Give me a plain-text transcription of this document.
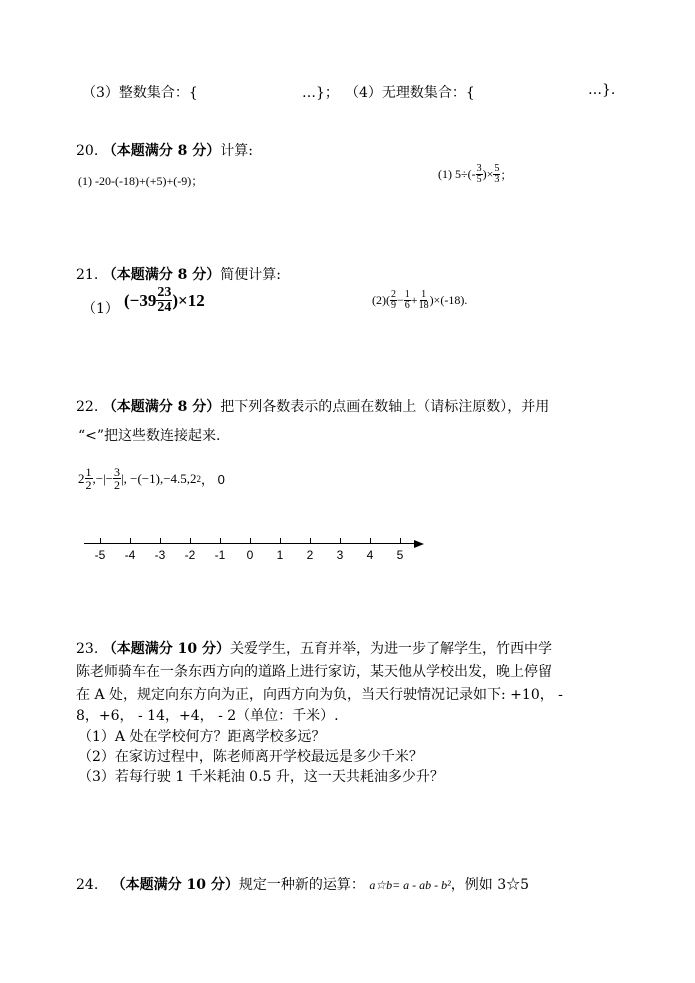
（3）整数集合：{	…}； （4）无理数集合：{	…}.
20. （本题满分 8 分）计算:
(1) -20-(-18)+(+5)+(-9)；	(1)
$5\div(- \frac{3}{5}$ )× $\frac{5}{3}$ ；
21. （本题满分 8 分）简便计算:
（1） $(-39 \frac{23}{24} )\times 12$	(2) ( $\frac{2}{9} - \frac{1}{6} + \frac{1}{18} )\times(-18)$.
22. （本题满分 8 分）把下列各数表示的点画在数轴上（请标注原数），并用
“<”把这些数连接起来.
$2 \frac{1}{2}$ ,−|− $\frac{3}{2}$ |,
−(−1),−4.5,2 2 ， 0
-5	-4	-3	-2	-1	0	1	2	3	4	5
23. （本题满分 10 分）关爱学生，五育并举，为进一步了解学生，竹西中学
陈老师骑车在一条东西方向的道路上进行家访，某天他从学校出发，晚上停留
在 A 处，规定向东方向为正，向西方向为负，当天行驶情况记录如下: +10， -
8，+6， - 14，+4， - 2（单位：千米）.
（1）A 处在学校何方？距离学校多远？
（2）在家访过程中，陈老师离开学校最远是多少千米？
（3）若每行驶 1 千米耗油 0.5 升，这一天共耗油多少升？
24. （本题满分 10 分）规定一种新的运算： a☆b= a - ab - b²，例如 3☆5
